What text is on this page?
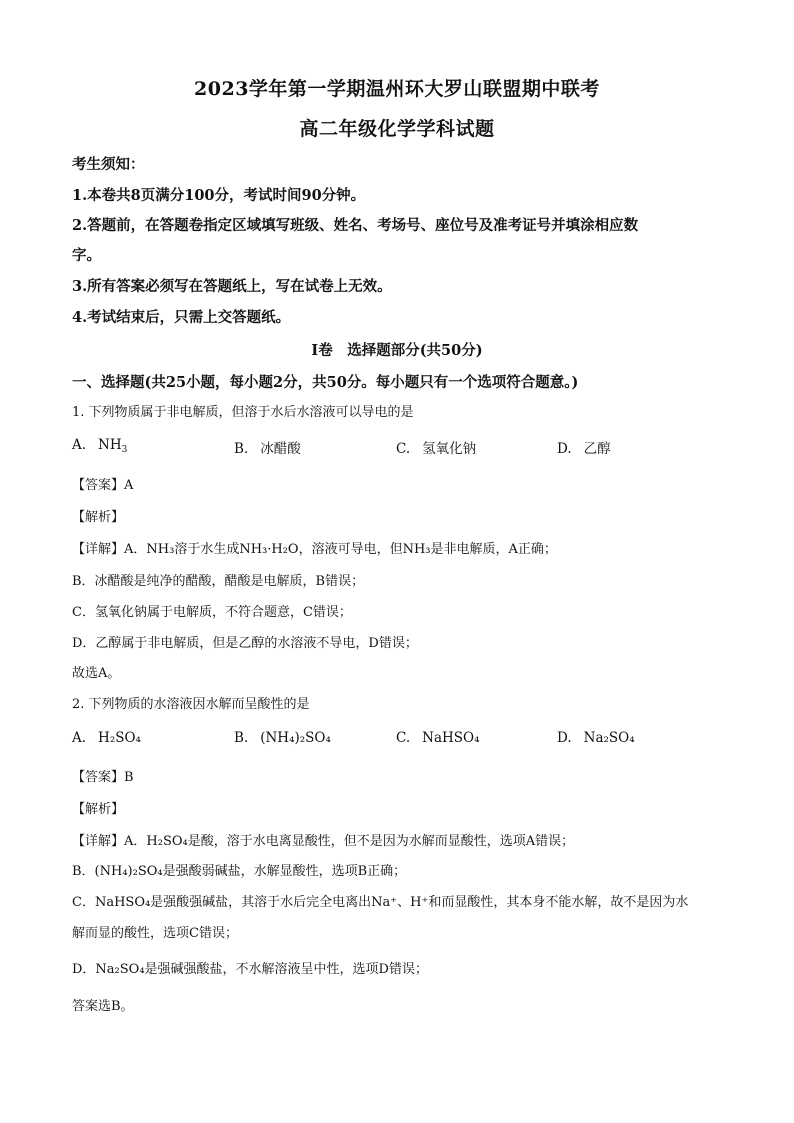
2023学年第一学期温州环大罗山联盟期中联考
高二年级化学学科试题
考生须知：
1.本卷共8页满分100分，考试时间90分钟。
2.答题前，在答题卷指定区域填写班级、姓名、考场号、座位号及准考证号并填涂相应数
字。
3.所有答案必须写在答题纸上，写在试卷上无效。
4.考试结束后，只需上交答题纸。
Ⅰ卷　选择题部分(共50分)
一、选择题(共25小题，每小题2分，共50分。每小题只有一个选项符合题意。)
1. 下列物质属于非电解质，但溶于水后水溶液可以导电的是
A. $NH_3$	B. 冰醋酸	C. 氢氧化钠	D. 乙醇
【答案】A
【解析】
【详解】A．NH₃溶于水生成NH₃·H₂O，溶液可导电，但NH₃是非电解质，A正确；
B．冰醋酸是纯净的醋酸，醋酸是电解质，B错误；
C．氢氧化钠属于电解质，不符合题意，C错误；
D．乙醇属于非电解质，但是乙醇的水溶液不导电，D错误；
故选A。
2. 下列物质的水溶液因水解而呈酸性的是
A. H₂SO₄	B. (NH₄)₂SO₄	C. NaHSO₄	D. Na₂SO₄
【答案】B
【解析】
【详解】A．H₂SO₄是酸，溶于水电离显酸性，但不是因为水解而显酸性，选项A错误；
B．(NH₄)₂SO₄是强酸弱碱盐，水解显酸性，选项B正确；
C．NaHSO₄是强酸强碱盐，其溶于水后完全电离出Na⁺、H⁺和而显酸性，其本身不能水解，故不是因为水
解而显的酸性，选项C错误；
D．Na₂SO₄是强碱强酸盐，不水解溶液呈中性，选项D错误；
答案选B。
